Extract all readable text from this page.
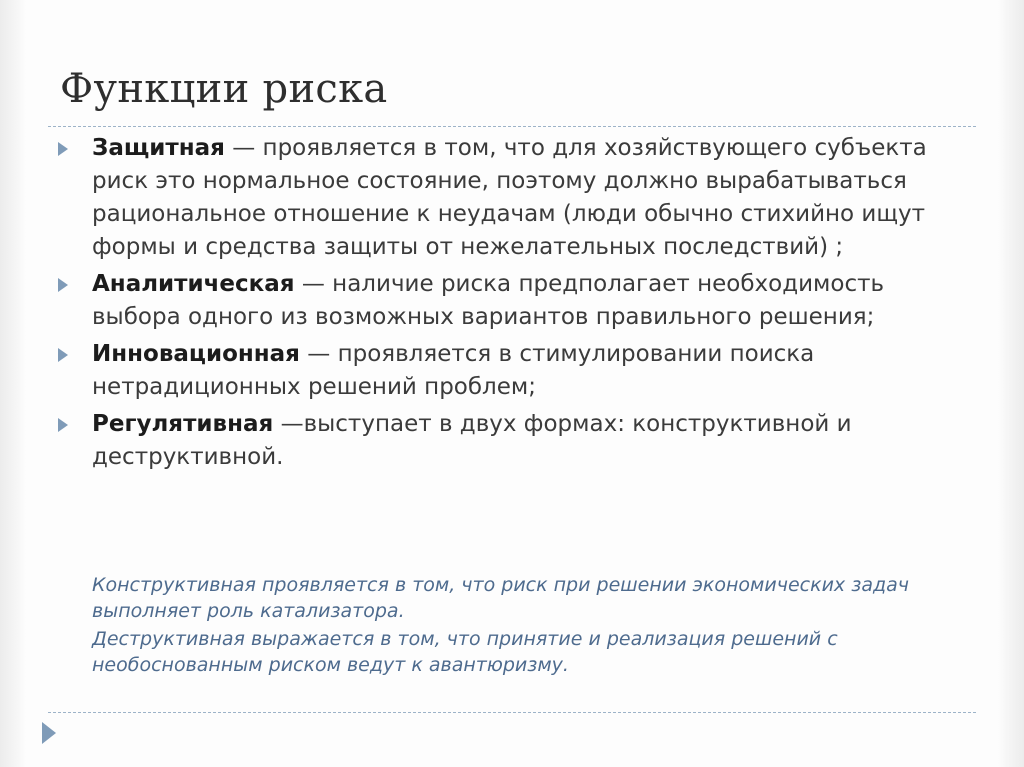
Функции риска
Защитная — проявляется в том, что для хозяйствующего субъекта риск это нормальное состояние, поэтому должно вырабатываться рациональное отношение к неудачам (люди обычно стихийно ищут формы и средства защиты от нежелательных последствий) ;
Аналитическая — наличие риска предполагает необходимость выбора одного из возможных вариантов правильного решения;
Инновационная — проявляется в стимулировании поиска нетрадиционных решений проблем;
Регулятивная —выступает в двух формах: конструктивной и деструктивной.

Конструктивная проявляется в том, что риск при решении экономических задач выполняет роль катализатора.

Деструктивная выражается в том, что принятие и реализация решений с необоснованным риском ведут к авантюризму.
